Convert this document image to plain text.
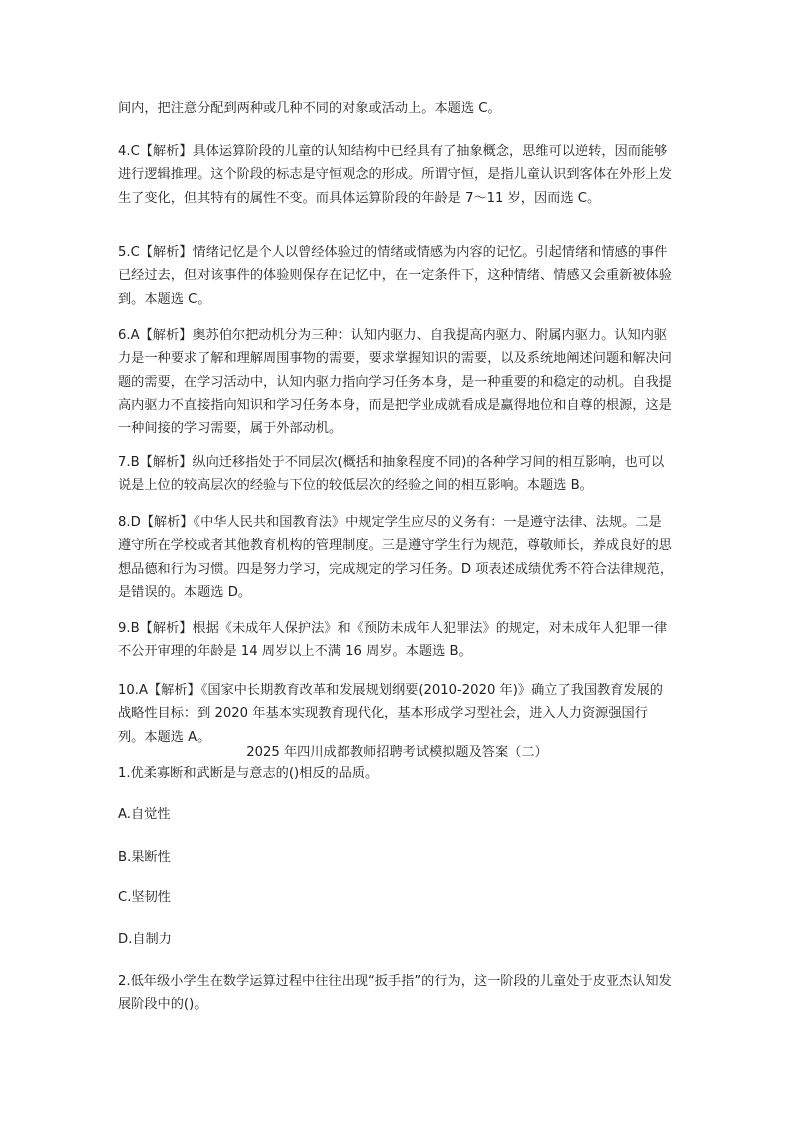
间内，把注意分配到两种或几种不同的对象或活动上。本题选 C。

4.C【解析】具体运算阶段的儿童的认知结构中已经具有了抽象概念，思维可以逆转，因而能够进行逻辑推理。这个阶段的标志是守恒观念的形成。所谓守恒，是指儿童认识到客体在外形上发生了变化，但其特有的属性不变。而具体运算阶段的年龄是 7～11 岁，因而选 C。

5.C【解析】情绪记忆是个人以曾经体验过的情绪或情感为内容的记忆。引起情绪和情感的事件已经过去，但对该事件的体验则保存在记忆中，在一定条件下，这种情绪、情感又会重新被体验到。本题选 C。

6.A【解析】奥苏伯尔把动机分为三种：认知内驱力、自我提高内驱力、附属内驱力。认知内驱力是一种要求了解和理解周围事物的需要，要求掌握知识的需要，以及系统地阐述问题和解决问题的需要，在学习活动中，认知内驱力指向学习任务本身，是一种重要的和稳定的动机。自我提高内驱力不直接指向知识和学习任务本身，而是把学业成就看成是赢得地位和自尊的根源，这是一种间接的学习需要，属于外部动机。

7.B【解析】纵向迁移指处于不同层次(概括和抽象程度不同)的各种学习间的相互影响，也可以说是上位的较高层次的经验与下位的较低层次的经验之间的相互影响。本题选 B。

8.D【解析】《中华人民共和国教育法》中规定学生应尽的义务有：一是遵守法律、法规。二是遵守所在学校或者其他教育机构的管理制度。三是遵守学生行为规范，尊敬师长，养成良好的思想品德和行为习惯。四是努力学习，完成规定的学习任务。D 项表述成绩优秀不符合法律规范，是错误的。本题选 D。

9.B【解析】根据《未成年人保护法》和《预防未成年人犯罪法》的规定，对未成年人犯罪一律不公开审理的年龄是 14 周岁以上不满 16 周岁。本题选 B。

10.A【解析】《国家中长期教育改革和发展规划纲要(2010-2020 年)》确立了我国教育发展的战略性目标：到 2020 年基本实现教育现代化，基本形成学习型社会，进入人力资源强国行列。本题选 A。

2025 年四川成都教师招聘考试模拟题及答案（二）

1.优柔寡断和武断是与意志的()相反的品质。

A.自觉性

B.果断性

C.坚韧性

D.自制力

2.低年级小学生在数学运算过程中往往出现“扳手指”的行为，这一阶段的儿童处于皮亚杰认知发展阶段中的()。
